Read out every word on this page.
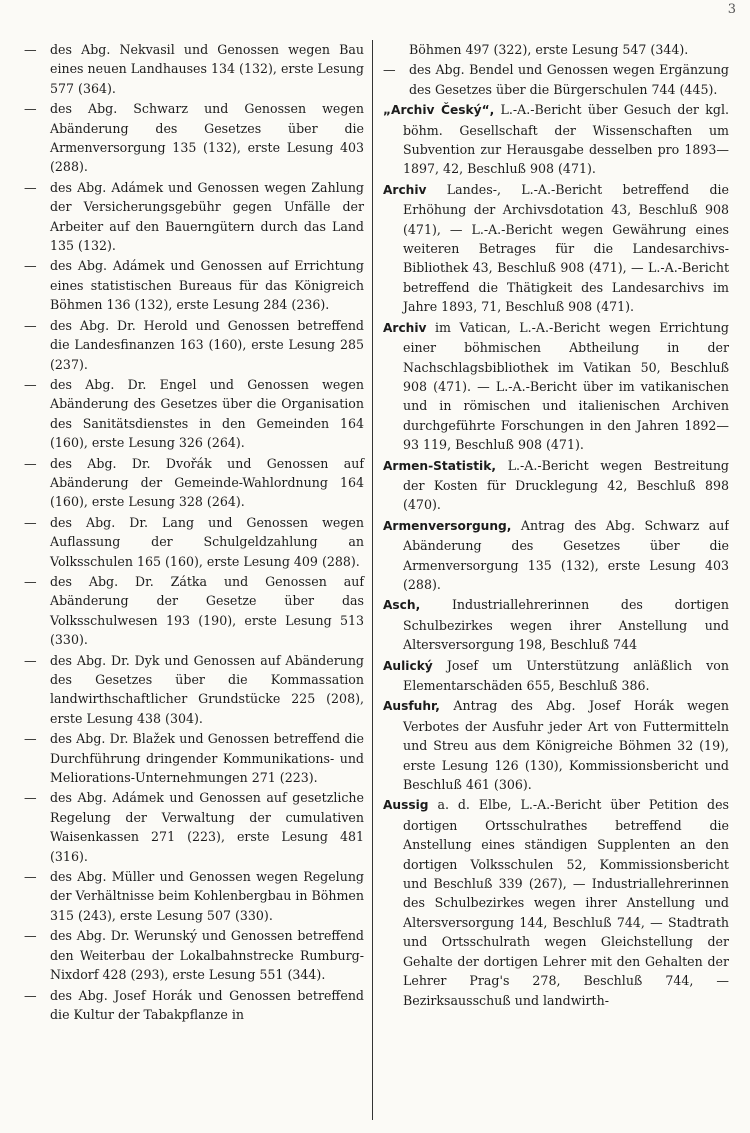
3

— des Abg. Nekvasil und Genossen wegen Bau eines neuen Landhauses 134 (132), erste Lesung 577 (364).

— des Abg. Schwarz und Genossen wegen Abänderung des Gesetzes über die Armenversorgung 135 (132), erste Lesung 403 (288).

— des Abg. Adámek und Genossen wegen Zahlung der Versicherungsgebühr gegen Unfälle der Arbeiter auf den Bauerngütern durch das Land 135 (132).

— des Abg. Adámek und Genossen auf Errichtung eines statistischen Bureaus für das Königreich Böhmen 136 (132), erste Lesung 284 (236).

— des Abg. Dr. Herold und Genossen betreffend die Landesfinanzen 163 (160), erste Lesung 285 (237).

— des Abg. Dr. Engel und Genossen wegen Abänderung des Gesetzes über die Organisation des Sanitätsdienstes in den Gemeinden 164 (160), erste Lesung 326 (264).

— des Abg. Dr. Dvořák und Genossen auf Abänderung der Gemeinde-Wahlordnung 164 (160), erste Lesung 328 (264).

— des Abg. Dr. Lang und Genossen wegen Auflassung der Schulgeldzahlung an Volksschulen 165 (160), erste Lesung 409 (288).

— des Abg. Dr. Zátka und Genossen auf Abänderung der Gesetze über das Volksschulwesen 193 (190), erste Lesung 513 (330).

— des Abg. Dr. Dyk und Genossen auf Abänderung des Gesetzes über die Kommassation landwirthschaftlicher Grundstücke 225 (208), erste Lesung 438 (304).

— des Abg. Dr. Blažek und Genossen betreffend die Durchführung dringender Kommunikations- und Meliorations-Unternehmungen 271 (223).

— des Abg. Adámek und Genossen auf gesetzliche Regelung der Verwaltung der cumulativen Waisenkassen 271 (223), erste Lesung 481 (316).

— des Abg. Müller und Genossen wegen Regelung der Verhältnisse beim Kohlenbergbau in Böhmen 315 (243), erste Lesung 507 (330).

— des Abg. Dr. Werunský und Genossen betreffend den Weiterbau der Lokalbahnstrecke Rumburg-Nixdorf 428 (293), erste Lesung 551 (344).

— des Abg. Josef Horák und Genossen betreffend die Kultur der Tabakpflanze in

Böhmen 497 (322), erste Lesung 547 (344).

— des Abg. Bendel und Genossen wegen Ergänzung des Gesetzes über die Bürgerschulen 744 (445).

„Archiv Český“, L.-A.-Bericht über Gesuch der kgl. böhm. Gesellschaft der Wissenschaften um Subvention zur Herausgabe desselben pro 1893—1897, 42, Beschluß 908 (471).

Archiv Landes-, L.-A.-Bericht betreffend die Erhöhung der Archivsdotation 43, Beschluß 908 (471), — L.-A.-Bericht wegen Gewährung eines weiteren Betrages für die Landesarchivs-Bibliothek 43, Beschluß 908 (471), — L.-A.-Bericht betreffend die Thätigkeit des Landesarchivs im Jahre 1893, 71, Beschluß 908 (471).

Archiv im Vatican, L.-A.-Bericht wegen Errichtung einer böhmischen Abtheilung in der Nachschlagsbibliothek im Vatikan 50, Beschluß 908 (471). — L.-A.-Bericht über im vatikanischen und in römischen und italienischen Archiven durchgeführte Forschungen in den Jahren 1892—93 119, Beschluß 908 (471).

Armen-Statistik, L.-A.-Bericht wegen Bestreitung der Kosten für Drucklegung 42, Beschluß 898 (470).

Armenversorgung, Antrag des Abg. Schwarz auf Abänderung des Gesetzes über die Armenversorgung 135 (132), erste Lesung 403 (288).

Asch,	Industriallehrerinnen des dortigen Schulbezirkes wegen ihrer Anstellung und Altersversorgung 198, Beschluß 744

Aulický Josef um Unterstützung anläßlich von Elementarschäden 655, Beschluß 386.

Ausfuhr, Antrag des Abg. Josef Horák wegen Verbotes der Ausfuhr jeder Art von Futtermitteln und Streu aus dem Königreiche Böhmen 32 (19), erste Lesung 126 (130), Kommissionsbericht und Beschluß 461 (306).

Aussig a. d. Elbe, L.-A.-Bericht über Petition des dortigen Ortsschulrathes betreffend die Anstellung eines ständigen Supplenten an den dortigen Volksschulen 52, Kommissionsbericht und Beschluß 339 (267), — Industriallehrerinnen des Schulbezirkes wegen ihrer Anstellung und Altersversorgung 144, Beschluß 744, — Stadtrath und Ortsschulrath wegen Gleichstellung der Gehalte der dortigen Lehrer mit den Gehalten der Lehrer Prag's 278, Beschluß 744, — Bezirksausschuß und landwirth-
